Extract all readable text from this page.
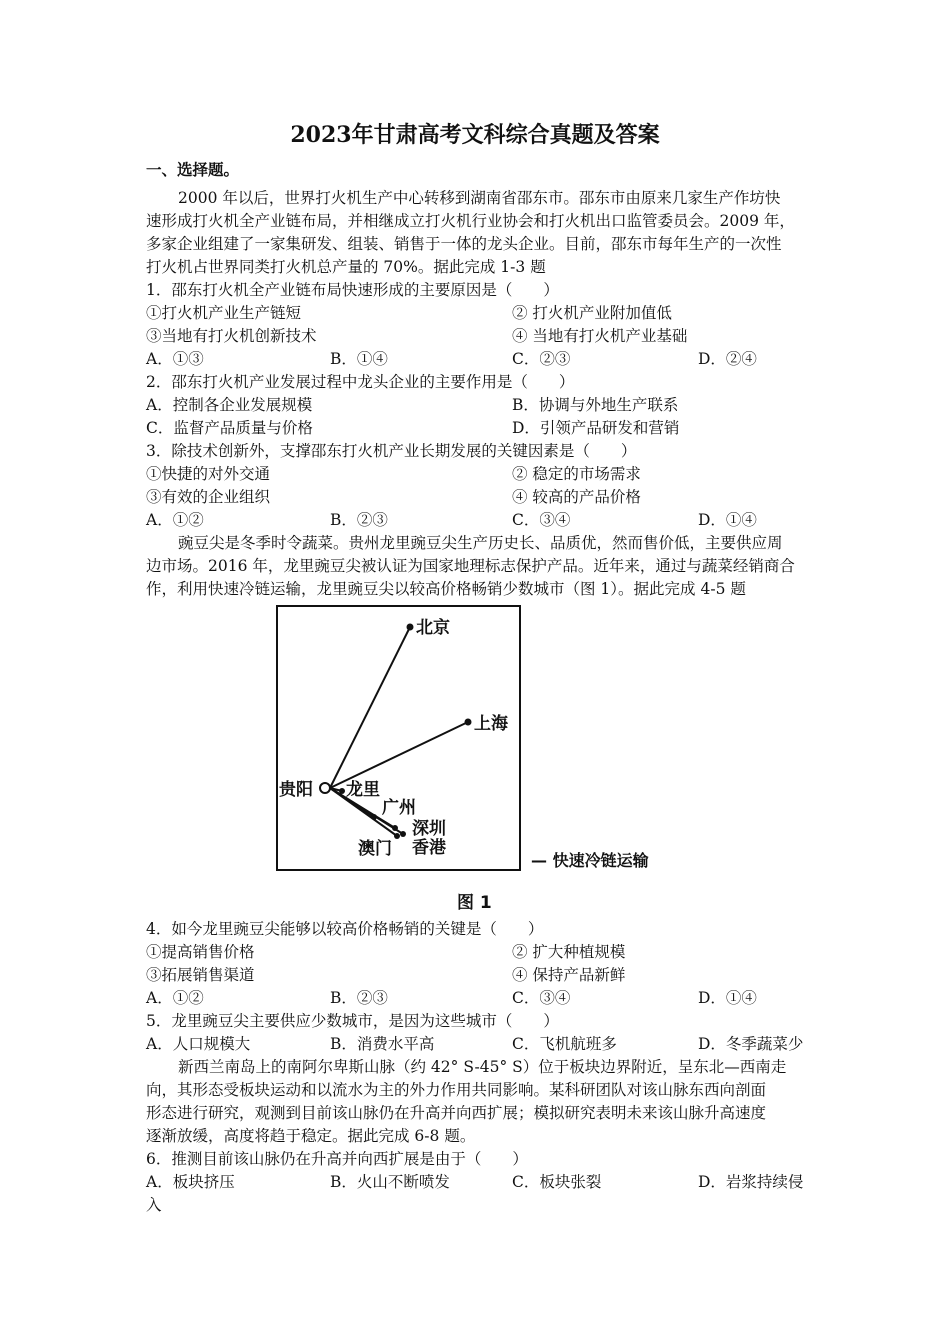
2023年甘肃高考文科综合真题及答案
一、选择题。
2000 年以后，世界打火机生产中心转移到湖南省邵东市。邵东市由原来几家生产作坊快
速形成打火机全产业链布局，并相继成立打火机行业协会和打火机出口监管委员会。2009 年，
多家企业组建了一家集研发、组装、销售于一体的龙头企业。目前，邵东市每年生产的一次性
打火机占世界同类打火机总产量的 70%。据此完成 1-3 题
1．邵东打火机全产业链布局快速形成的主要原因是（　　）
①打火机产业生产链短	② 打火机产业附加值低
③当地有打火机创新技术	④ 当地有打火机产业基础
A．①③	B．①④	C．②③	D．②④
2．邵东打火机产业发展过程中龙头企业的主要作用是（　　）
A．控制各企业发展规模	B．协调与外地生产联系
C．监督产品质量与价格	D．引领产品研发和营销
3．除技术创新外，支撑邵东打火机产业长期发展的关键因素是（　　）
①快捷的对外交通	② 稳定的市场需求
③有效的企业组织	④ 较高的产品价格
A．①②	B．②③	C．③④	D．①④
豌豆尖是冬季时令蔬菜。贵州龙里豌豆尖生产历史长、品质优，然而售价低，主要供应周
边市场。2016 年，龙里豌豆尖被认证为国家地理标志保护产品。近年来，通过与蔬菜经销商合
作，利用快速冷链运输，龙里豌豆尖以较高价格畅销少数城市（图 1）。据此完成 4-5 题
北京
上海
贵阳 龙里
广州
深圳
香港
澳门
— 快速冷链运输
图 1
4．如今龙里豌豆尖能够以较高价格畅销的关键是（　　）
①提高销售价格	② 扩大种植规模
③拓展销售渠道	④ 保持产品新鲜
A．①②	B．②③	C．③④	D．①④
5．龙里豌豆尖主要供应少数城市，是因为这些城市（　　）
A．人口规模大	B．消费水平高	C．飞机航班多	D．冬季蔬菜少
新西兰南岛上的南阿尔卑斯山脉（约 42° S-45° S）位于板块边界附近，呈东北—西南走
向，其形态受板块运动和以流水为主的外力作用共同影响。某科研团队对该山脉东西向剖面
形态进行研究，观测到目前该山脉仍在升高并向西扩展；模拟研究表明未来该山脉升高速度
逐渐放缓，高度将趋于稳定。据此完成 6-8 题。
6．推测目前该山脉仍在升高并向西扩展是由于（　　）
A．板块挤压	B．火山不断喷发	C．板块张裂	D．岩浆持续侵
入
